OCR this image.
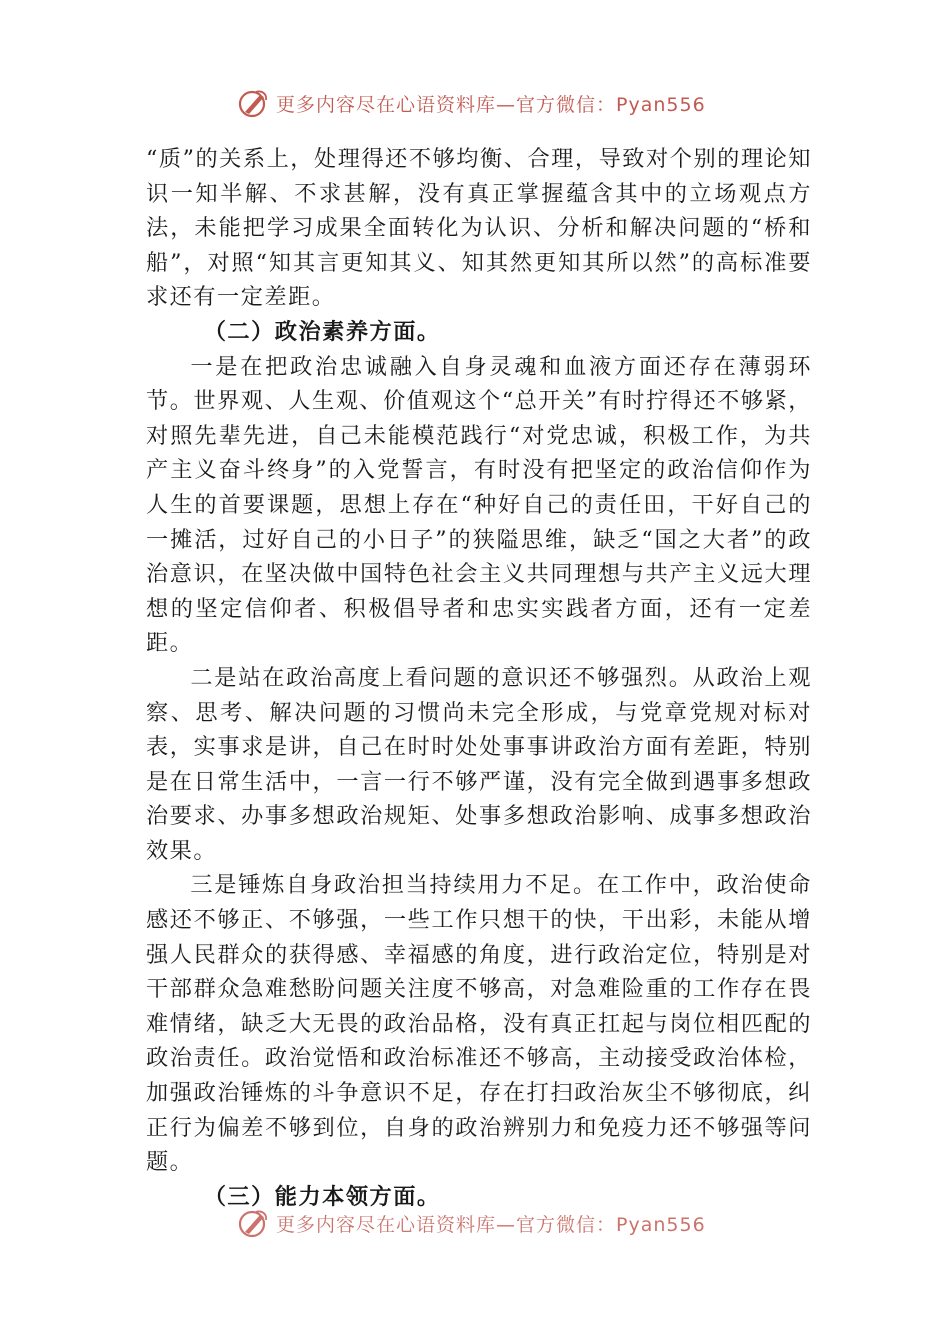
更多内容尽在心语资料库—官方微信：Pyan556

“质”的关系上，处理得还不够均衡、合理，导致对个别的理论知识一知半解、不求甚解，没有真正掌握蕴含其中的立场观点方法，未能把学习成果全面转化为认识、分析和解决问题的“桥和船”，对照“知其言更知其义、知其然更知其所以然”的高标准要求还有一定差距。

（二）政治素养方面。

一是在把政治忠诚融入自身灵魂和血液方面还存在薄弱环节。世界观、人生观、价值观这个“总开关”有时拧得还不够紧，对照先辈先进，自己未能模范践行“对党忠诚，积极工作，为共产主义奋斗终身”的入党誓言，有时没有把坚定的政治信仰作为人生的首要课题，思想上存在“种好自己的责任田，干好自己的一摊活，过好自己的小日子”的狭隘思维，缺乏“国之大者”的政治意识，在坚决做中国特色社会主义共同理想与共产主义远大理想的坚定信仰者、积极倡导者和忠实实践者方面，还有一定差距。

二是站在政治高度上看问题的意识还不够强烈。从政治上观察、思考、解决问题的习惯尚未完全形成，与党章党规对标对表，实事求是讲，自己在时时处处事事讲政治方面有差距，特别是在日常生活中，一言一行不够严谨，没有完全做到遇事多想政治要求、办事多想政治规矩、处事多想政治影响、成事多想政治效果。

三是锤炼自身政治担当持续用力不足。在工作中，政治使命感还不够正、不够强，一些工作只想干的快，干出彩，未能从增强人民群众的获得感、幸福感的角度，进行政治定位，特别是对干部群众急难愁盼问题关注度不够高，对急难险重的工作存在畏难情绪，缺乏大无畏的政治品格，没有真正扛起与岗位相匹配的政治责任。政治觉悟和政治标准还不够高，主动接受政治体检，加强政治锤炼的斗争意识不足，存在打扫政治灰尘不够彻底，纠正行为偏差不够到位，自身的政治辨别力和免疫力还不够强等问题。

（三）能力本领方面。

更多内容尽在心语资料库—官方微信：Pyan556
